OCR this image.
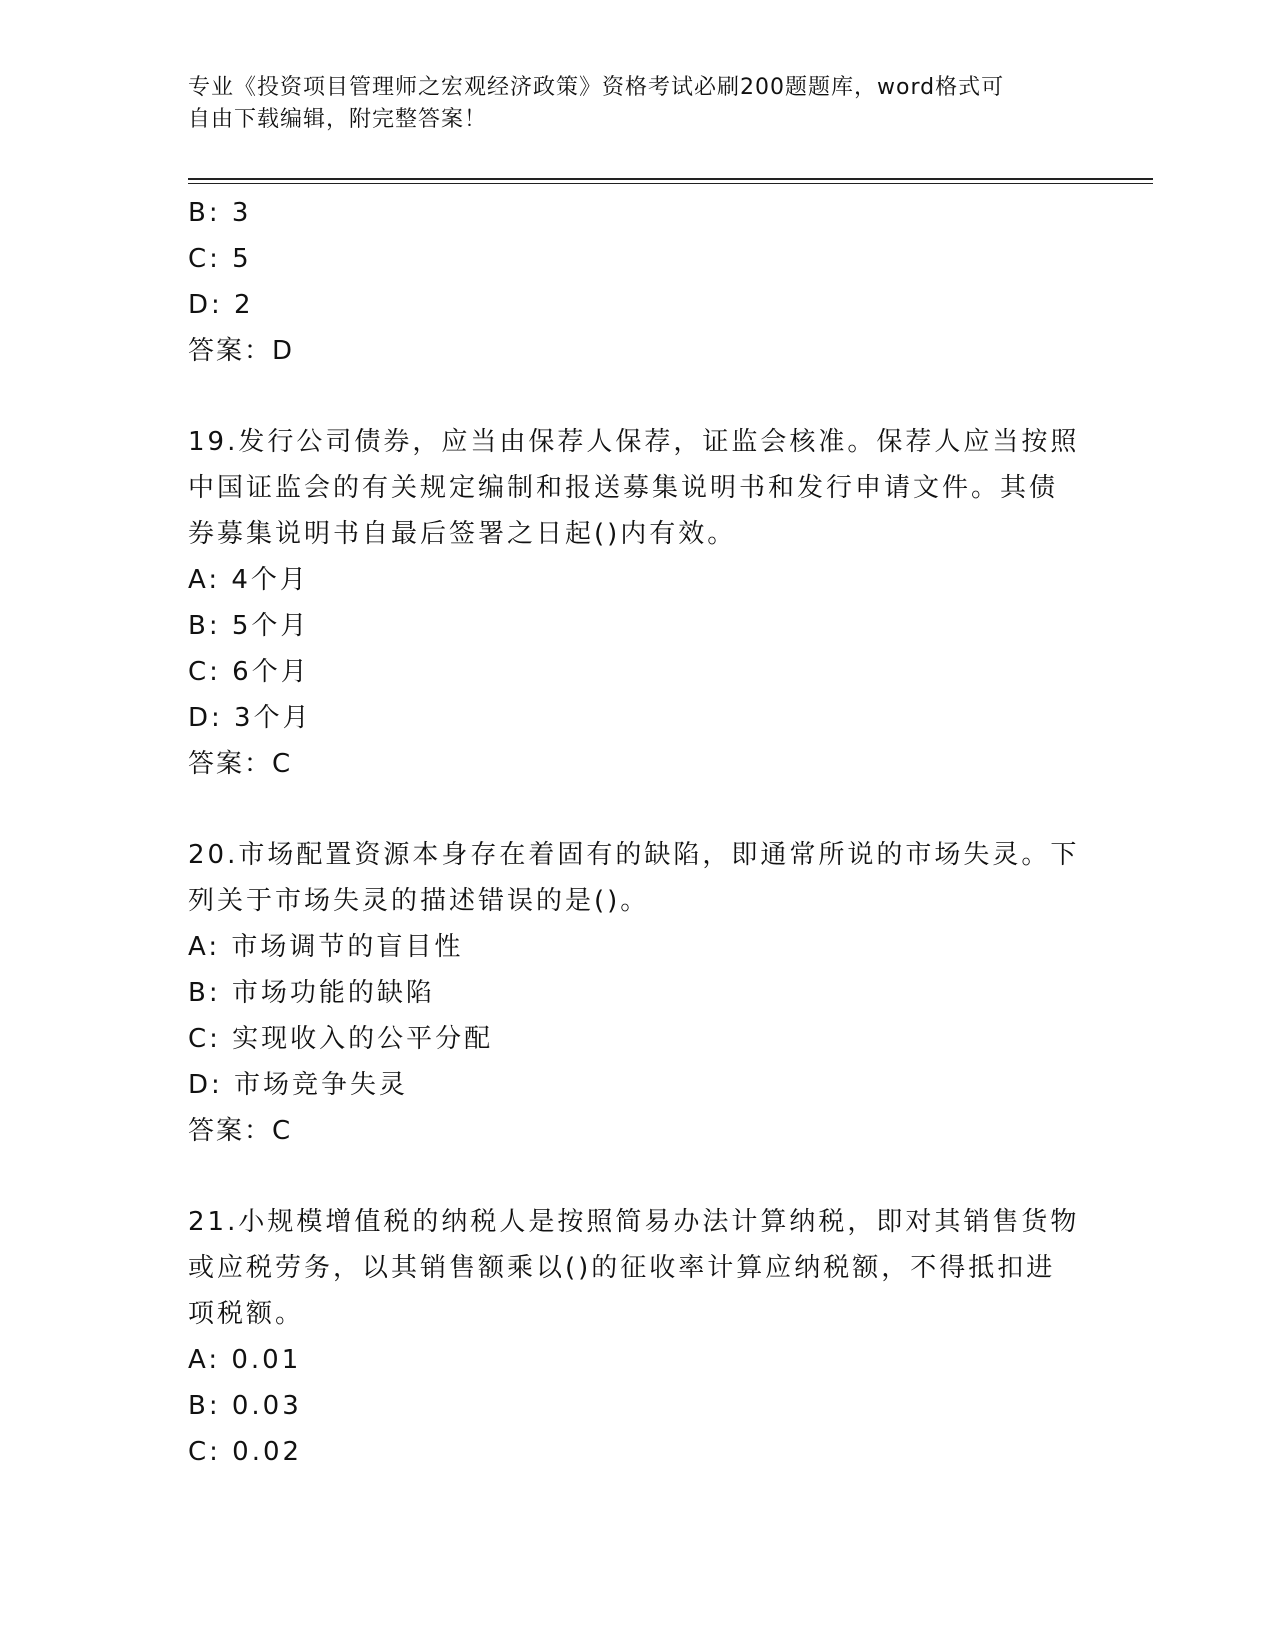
专业《投资项目管理师之宏观经济政策》资格考试必刷200题题库，word格式可
自由下载编辑，附完整答案！
B: 3
C: 5
D: 2
答案：D
19.发行公司债券，应当由保荐人保荐，证监会核准。保荐人应当按照
中国证监会的有关规定编制和报送募集说明书和发行申请文件。其债
券募集说明书自最后签署之日起()内有效。
A: 4个月
B: 5个月
C: 6个月
D: 3个月
答案：C
20.市场配置资源本身存在着固有的缺陷，即通常所说的市场失灵。下
列关于市场失灵的描述错误的是()。
A: 市场调节的盲目性
B: 市场功能的缺陷
C: 实现收入的公平分配
D: 市场竞争失灵
答案：C
21.小规模增值税的纳税人是按照简易办法计算纳税，即对其销售货物
或应税劳务，以其销售额乘以()的征收率计算应纳税额，不得抵扣进
项税额。
A: 0.01
B: 0.03
C: 0.02
